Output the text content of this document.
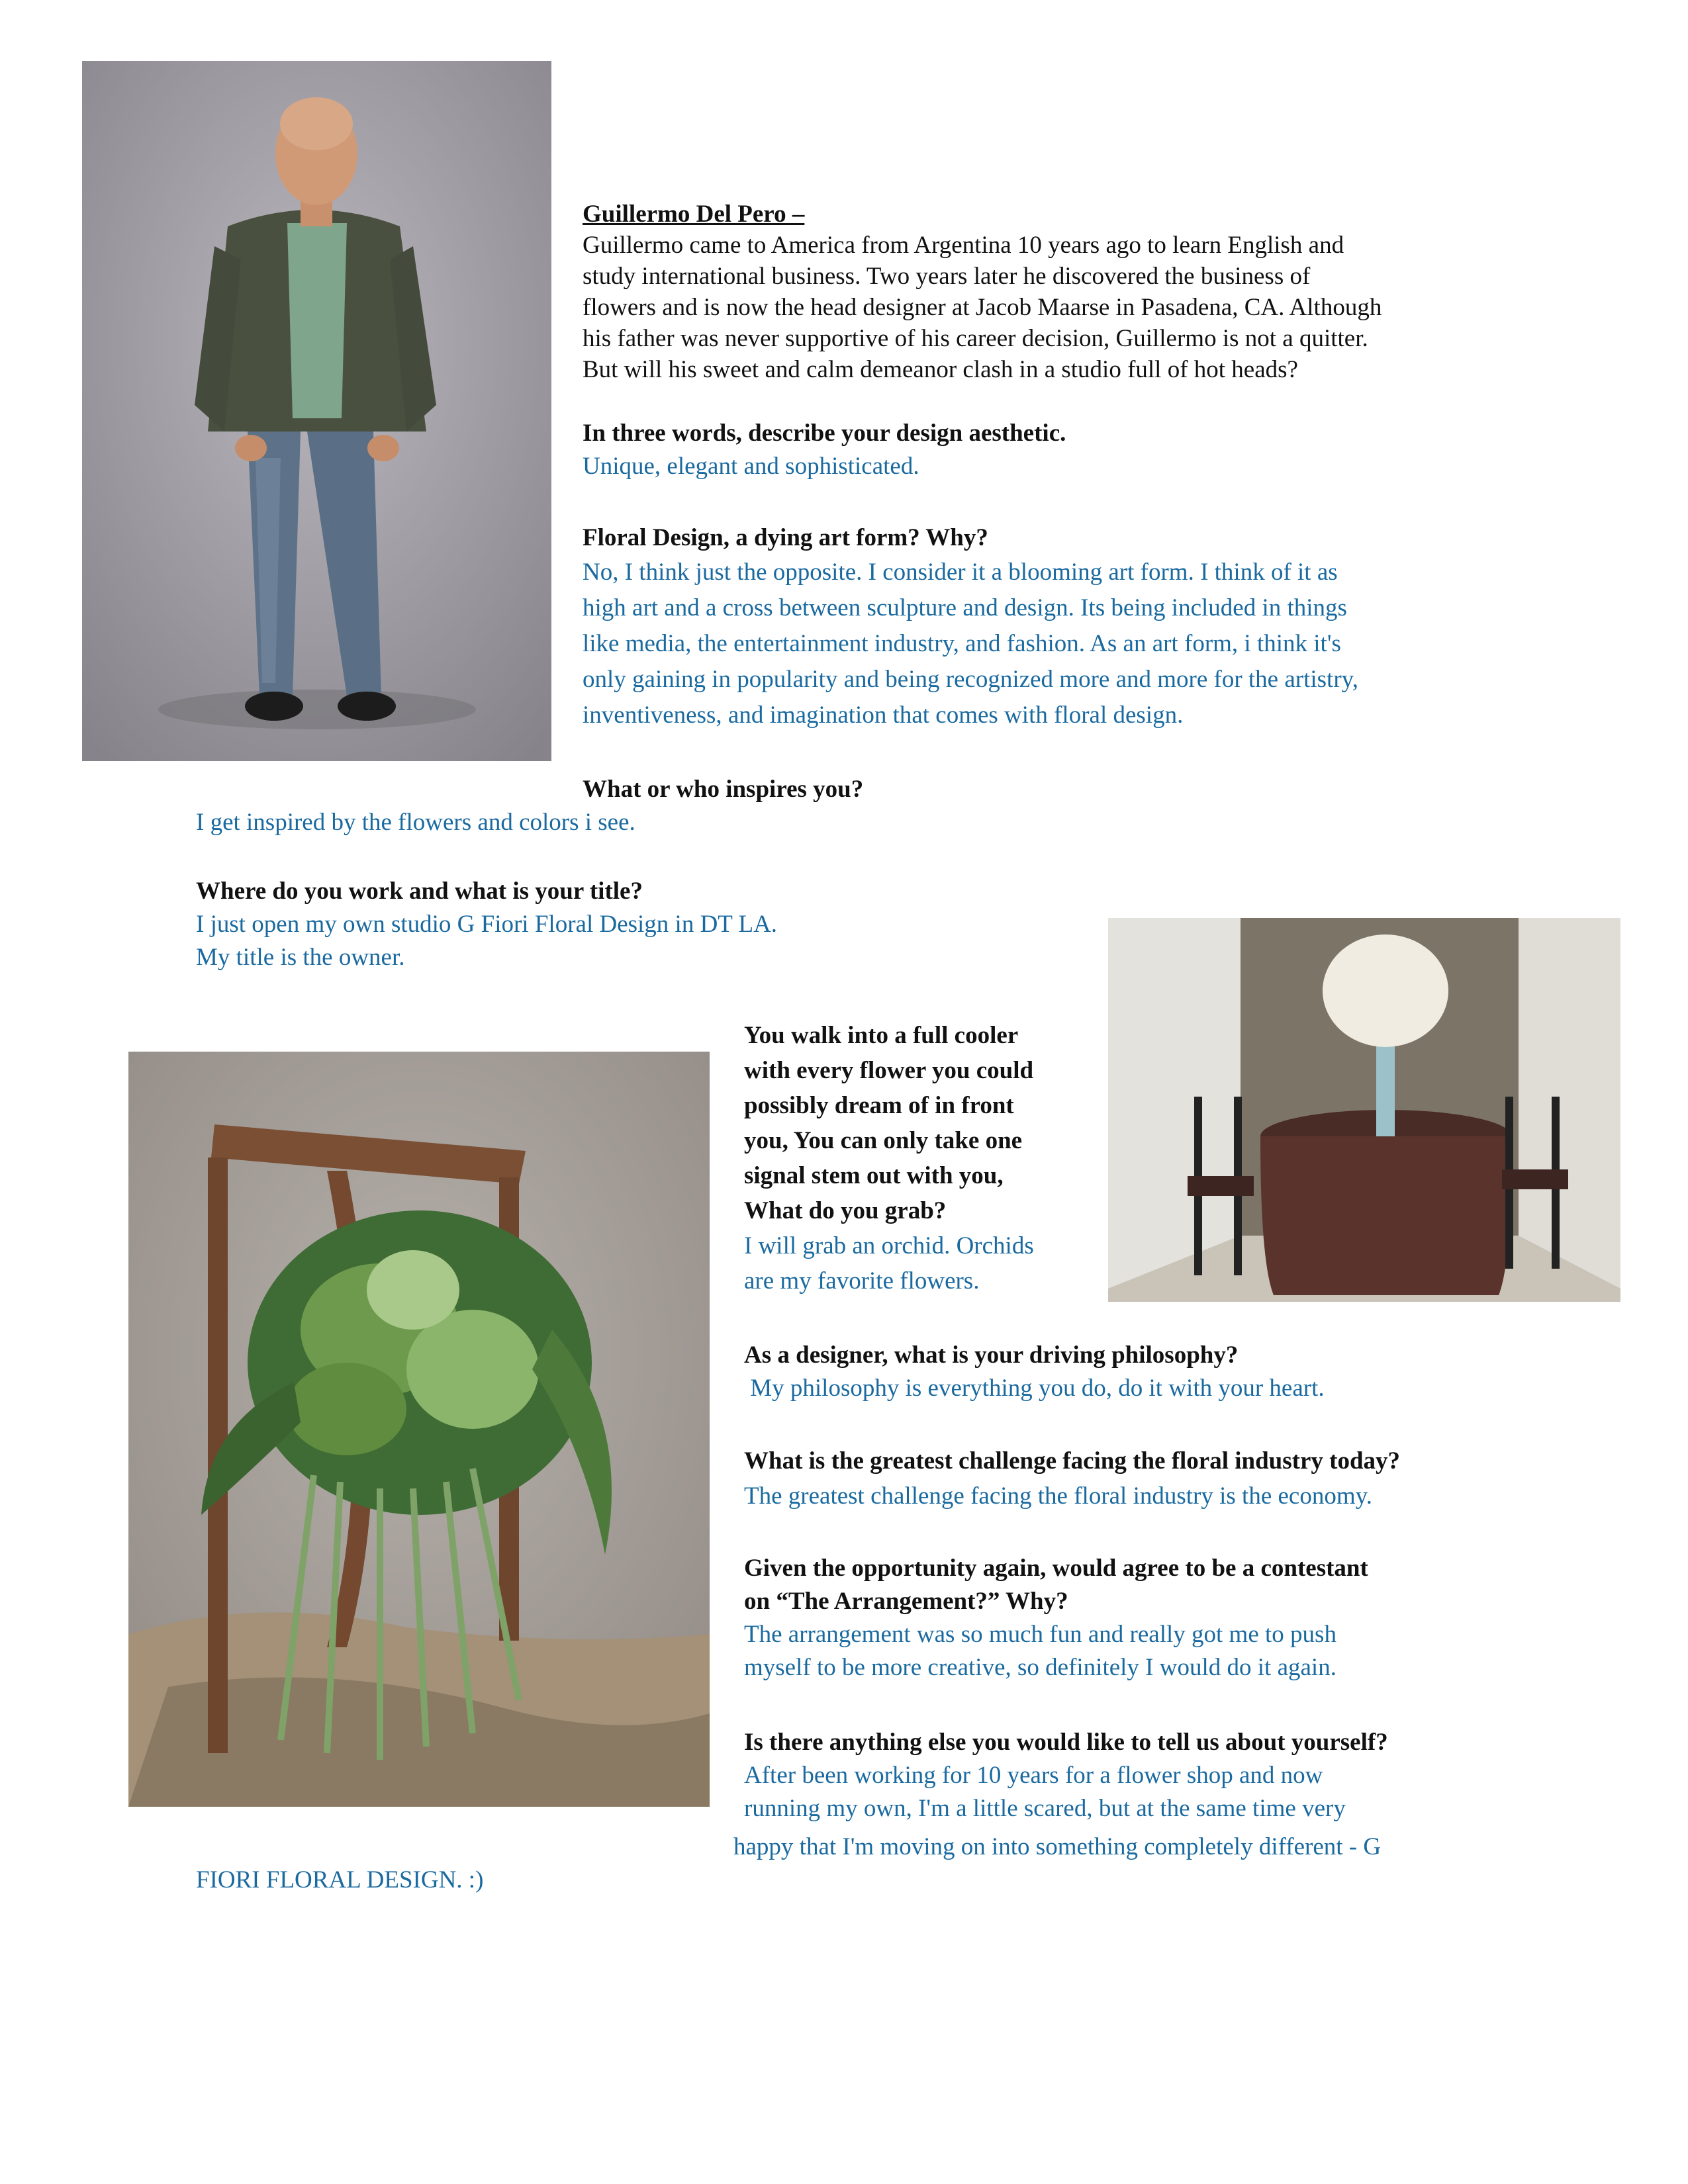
Guillermo Del Pero –

Guillermo came to America from Argentina 10 years ago to learn English and

study international business. Two years later he discovered the business of

flowers and is now the head designer at Jacob Maarse in Pasadena, CA. Although

his father was never supportive of his career decision, Guillermo is not a quitter.

But will his sweet and calm demeanor clash in a studio full of hot heads?

In three words, describe your design aesthetic.

Unique, elegant and sophisticated.

Floral Design, a dying art form? Why?

No, I think just the opposite. I consider it a blooming art form. I think of it as

high art and a cross between sculpture and design. Its being included in things

like media, the entertainment industry, and fashion. As an art form, i think it's

only gaining in popularity and being recognized more and more for the artistry,

inventiveness, and imagination that comes with floral design.

What or who inspires you?

I get inspired by the flowers and colors i see.

Where do you work and what is your title?

I just open my own studio G Fiori Floral Design in DT LA.

My title is the owner.

You walk into a full cooler

with every flower you could

possibly dream of in front

you, You can only take one

signal stem out with you,

What do you grab?

I will grab an orchid. Orchids

are my favorite flowers.

As a designer, what is your driving philosophy?

My philosophy is everything you do, do it with your heart.

What is the greatest challenge facing the floral industry today?

The greatest challenge facing the floral industry is the economy.

Given the opportunity again, would agree to be a contestant

on “The Arrangement?” Why?

The arrangement was so much fun and really got me to push

myself to be more creative, so definitely I would do it again.

Is there anything else you would like to tell us about yourself?

After been working for 10 years for a flower shop and now

running my own, I'm a little scared, but at the same time very

happy that I'm moving on into something completely different - G

FIORI FLORAL DESIGN. :)
